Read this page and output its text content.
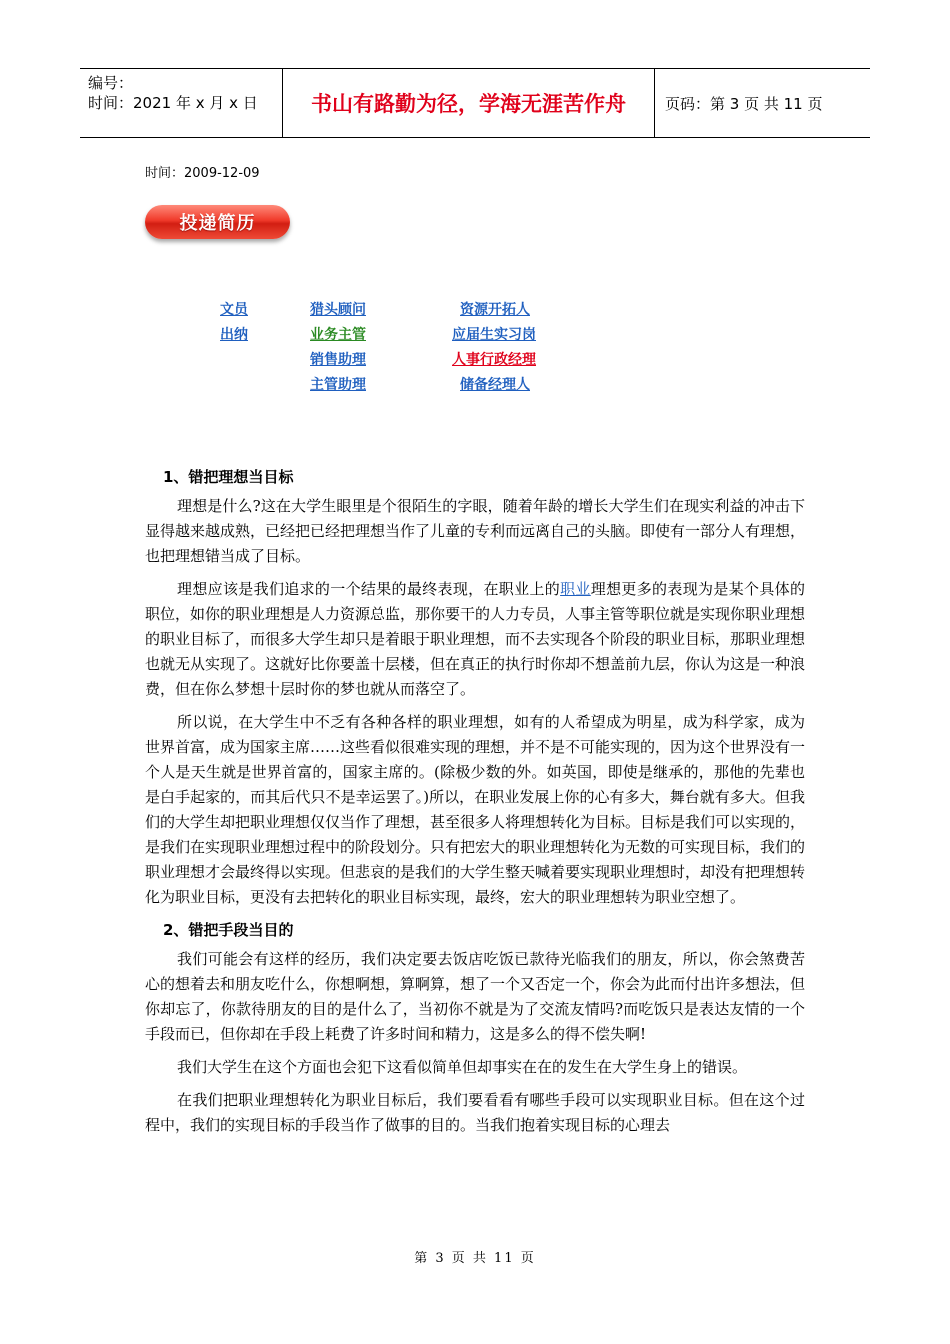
编号：
时间：2021 年 x 月 x 日	书山有路勤为径，学海无涯苦作舟	页码：第 3 页 共 11 页
时间：2009-12-09
投递简历
文员
出纳
猎头顾问
业务主管
销售助理
主管助理
资源开拓人
应届生实习岗
人事行政经理
储备经理人
1、错把理想当目标

理想是什么?这在大学生眼里是个很陌生的字眼，随着年龄的增长大学生们在现实利益的冲击下显得越来越成熟，已经把已经把理想当作了儿童的专利而远离自己的头脑。即使有一部分人有理想，也把理想错当成了目标。

理想应该是我们追求的一个结果的最终表现，在职业上的职业理想更多的表现为是某个具体的职位，如你的职业理想是人力资源总监，那你要干的人力专员，人事主管等职位就是实现你职业理想的职业目标了，而很多大学生却只是着眼于职业理想，而不去实现各个阶段的职业目标，那职业理想也就无从实现了。这就好比你要盖十层楼，但在真正的执行时你却不想盖前九层，你认为这是一种浪费，但在你么梦想十层时你的梦也就从而落空了。

所以说，在大学生中不乏有各种各样的职业理想，如有的人希望成为明星，成为科学家，成为世界首富，成为国家主席……这些看似很难实现的理想，并不是不可能实现的，因为这个世界没有一个人是天生就是世界首富的，国家主席的。(除极少数的外。如英国，即使是继承的，那他的先辈也是白手起家的，而其后代只不是幸运罢了。)所以，在职业发展上你的心有多大，舞台就有多大。但我们的大学生却把职业理想仅仅当作了理想，甚至很多人将理想转化为目标。目标是我们可以实现的，是我们在实现职业理想过程中的阶段划分。只有把宏大的职业理想转化为无数的可实现目标，我们的职业理想才会最终得以实现。但悲哀的是我们的大学生整天喊着要实现职业理想时，却没有把理想转化为职业目标，更没有去把转化的职业目标实现，最终，宏大的职业理想转为职业空想了。

2、错把手段当目的

我们可能会有这样的经历，我们决定要去饭店吃饭已款待光临我们的朋友，所以，你会煞费苦心的想着去和朋友吃什么，你想啊想，算啊算，想了一个又否定一个，你会为此而付出许多想法，但你却忘了，你款待朋友的目的是什么了，当初你不就是为了交流友情吗?而吃饭只是表达友情的一个手段而已，但你却在手段上耗费了许多时间和精力，这是多么的得不偿失啊!

我们大学生在这个方面也会犯下这看似简单但却事实在在的发生在大学生身上的错误。

在我们把职业理想转化为职业目标后，我们要看看有哪些手段可以实现职业目标。但在这个过程中，我们的实现目标的手段当作了做事的目的。当我们抱着实现目标的心理去

第 3 页 共 11 页
